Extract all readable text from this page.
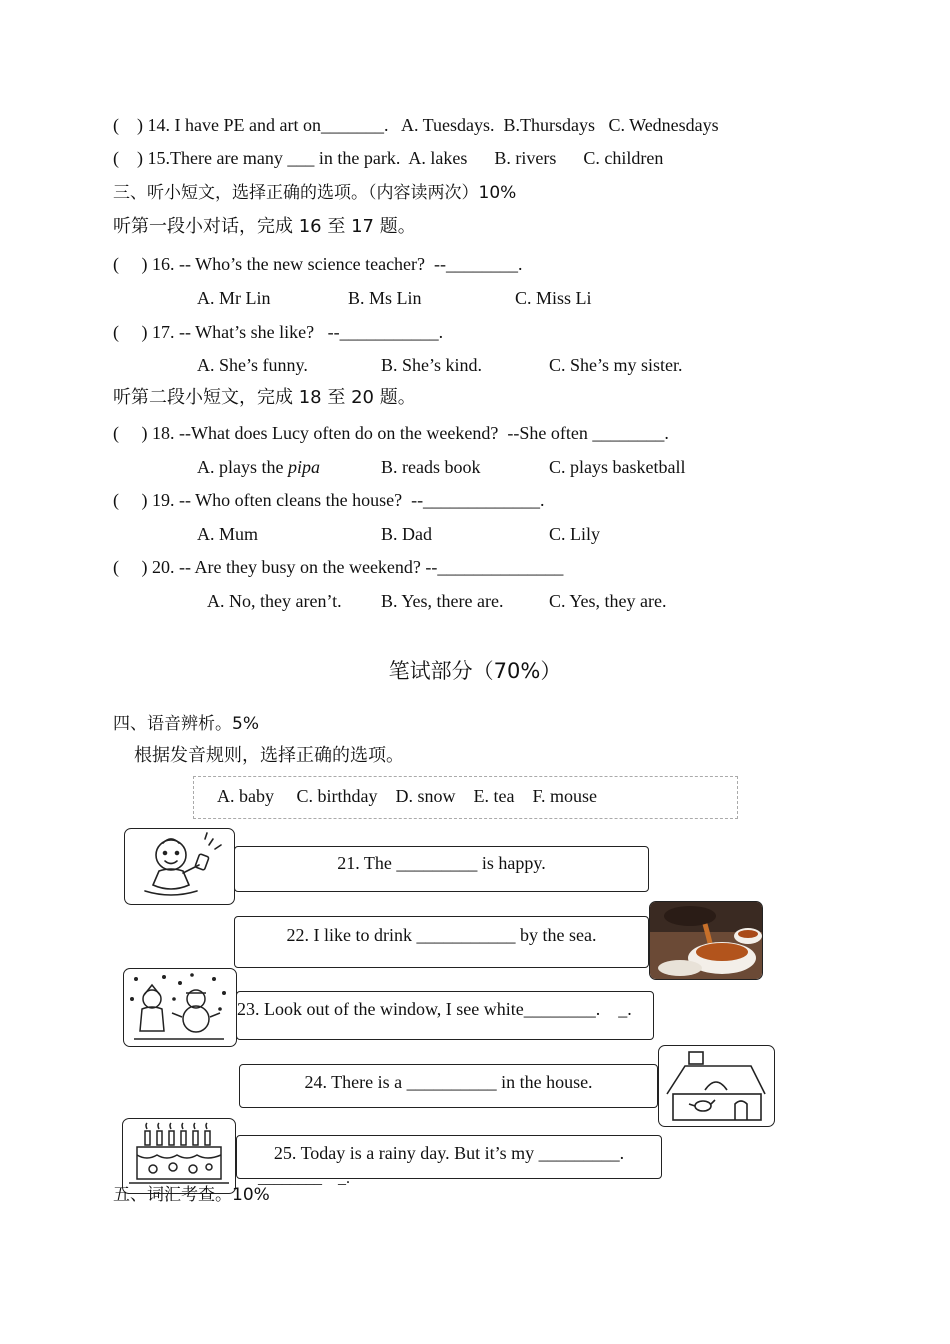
(    ) 14. I have PE and art on_______.   A. Tuesdays.  B.Thursdays   C. Wednesdays
(    ) 15.There are many ___ in the park.  A. lakes      B. rivers      C. children
三、听小短文，选择正确的选项。（内容读两次）10%
听第一段小对话，完成 16 至 17 题。
(     ) 16. -- Who’s the new science teacher?  --________.
A. Mr Lin	B. Ms Lin	C. Miss Li
(     ) 17. -- What’s she like?   --___________.
A. She’s funny.	B. She’s kind.	C. She’s my sister.
听第二段小短文，完成 18 至 20 题。
(     ) 18. --What does Lucy often do on the weekend?  --She often ________.
A. plays the pipa	B. reads book	C. plays basketball
(     ) 19. -- Who often cleans the house?  --_____________.
A. Mum	B. Dad	C. Lily
(     ) 20. -- Are they busy on the weekend? --______________
A. No, they aren’t. B. Yes, there are.	C. Yes, they are.
笔试部分（70%）
四、语音辨析。5%
根据发音规则，选择正确的选项。
A. baby     C. birthday    D. snow    E. tea    F. mouse
21. The _________ is happy.
22. I like to drink ___________ by the sea.
23. Look out of the window, I see white________.    _.
24. There is a __________ in the house.
25. Today is a rainy day. But it’s my _________.
________    _.
五、词汇考查。10%
